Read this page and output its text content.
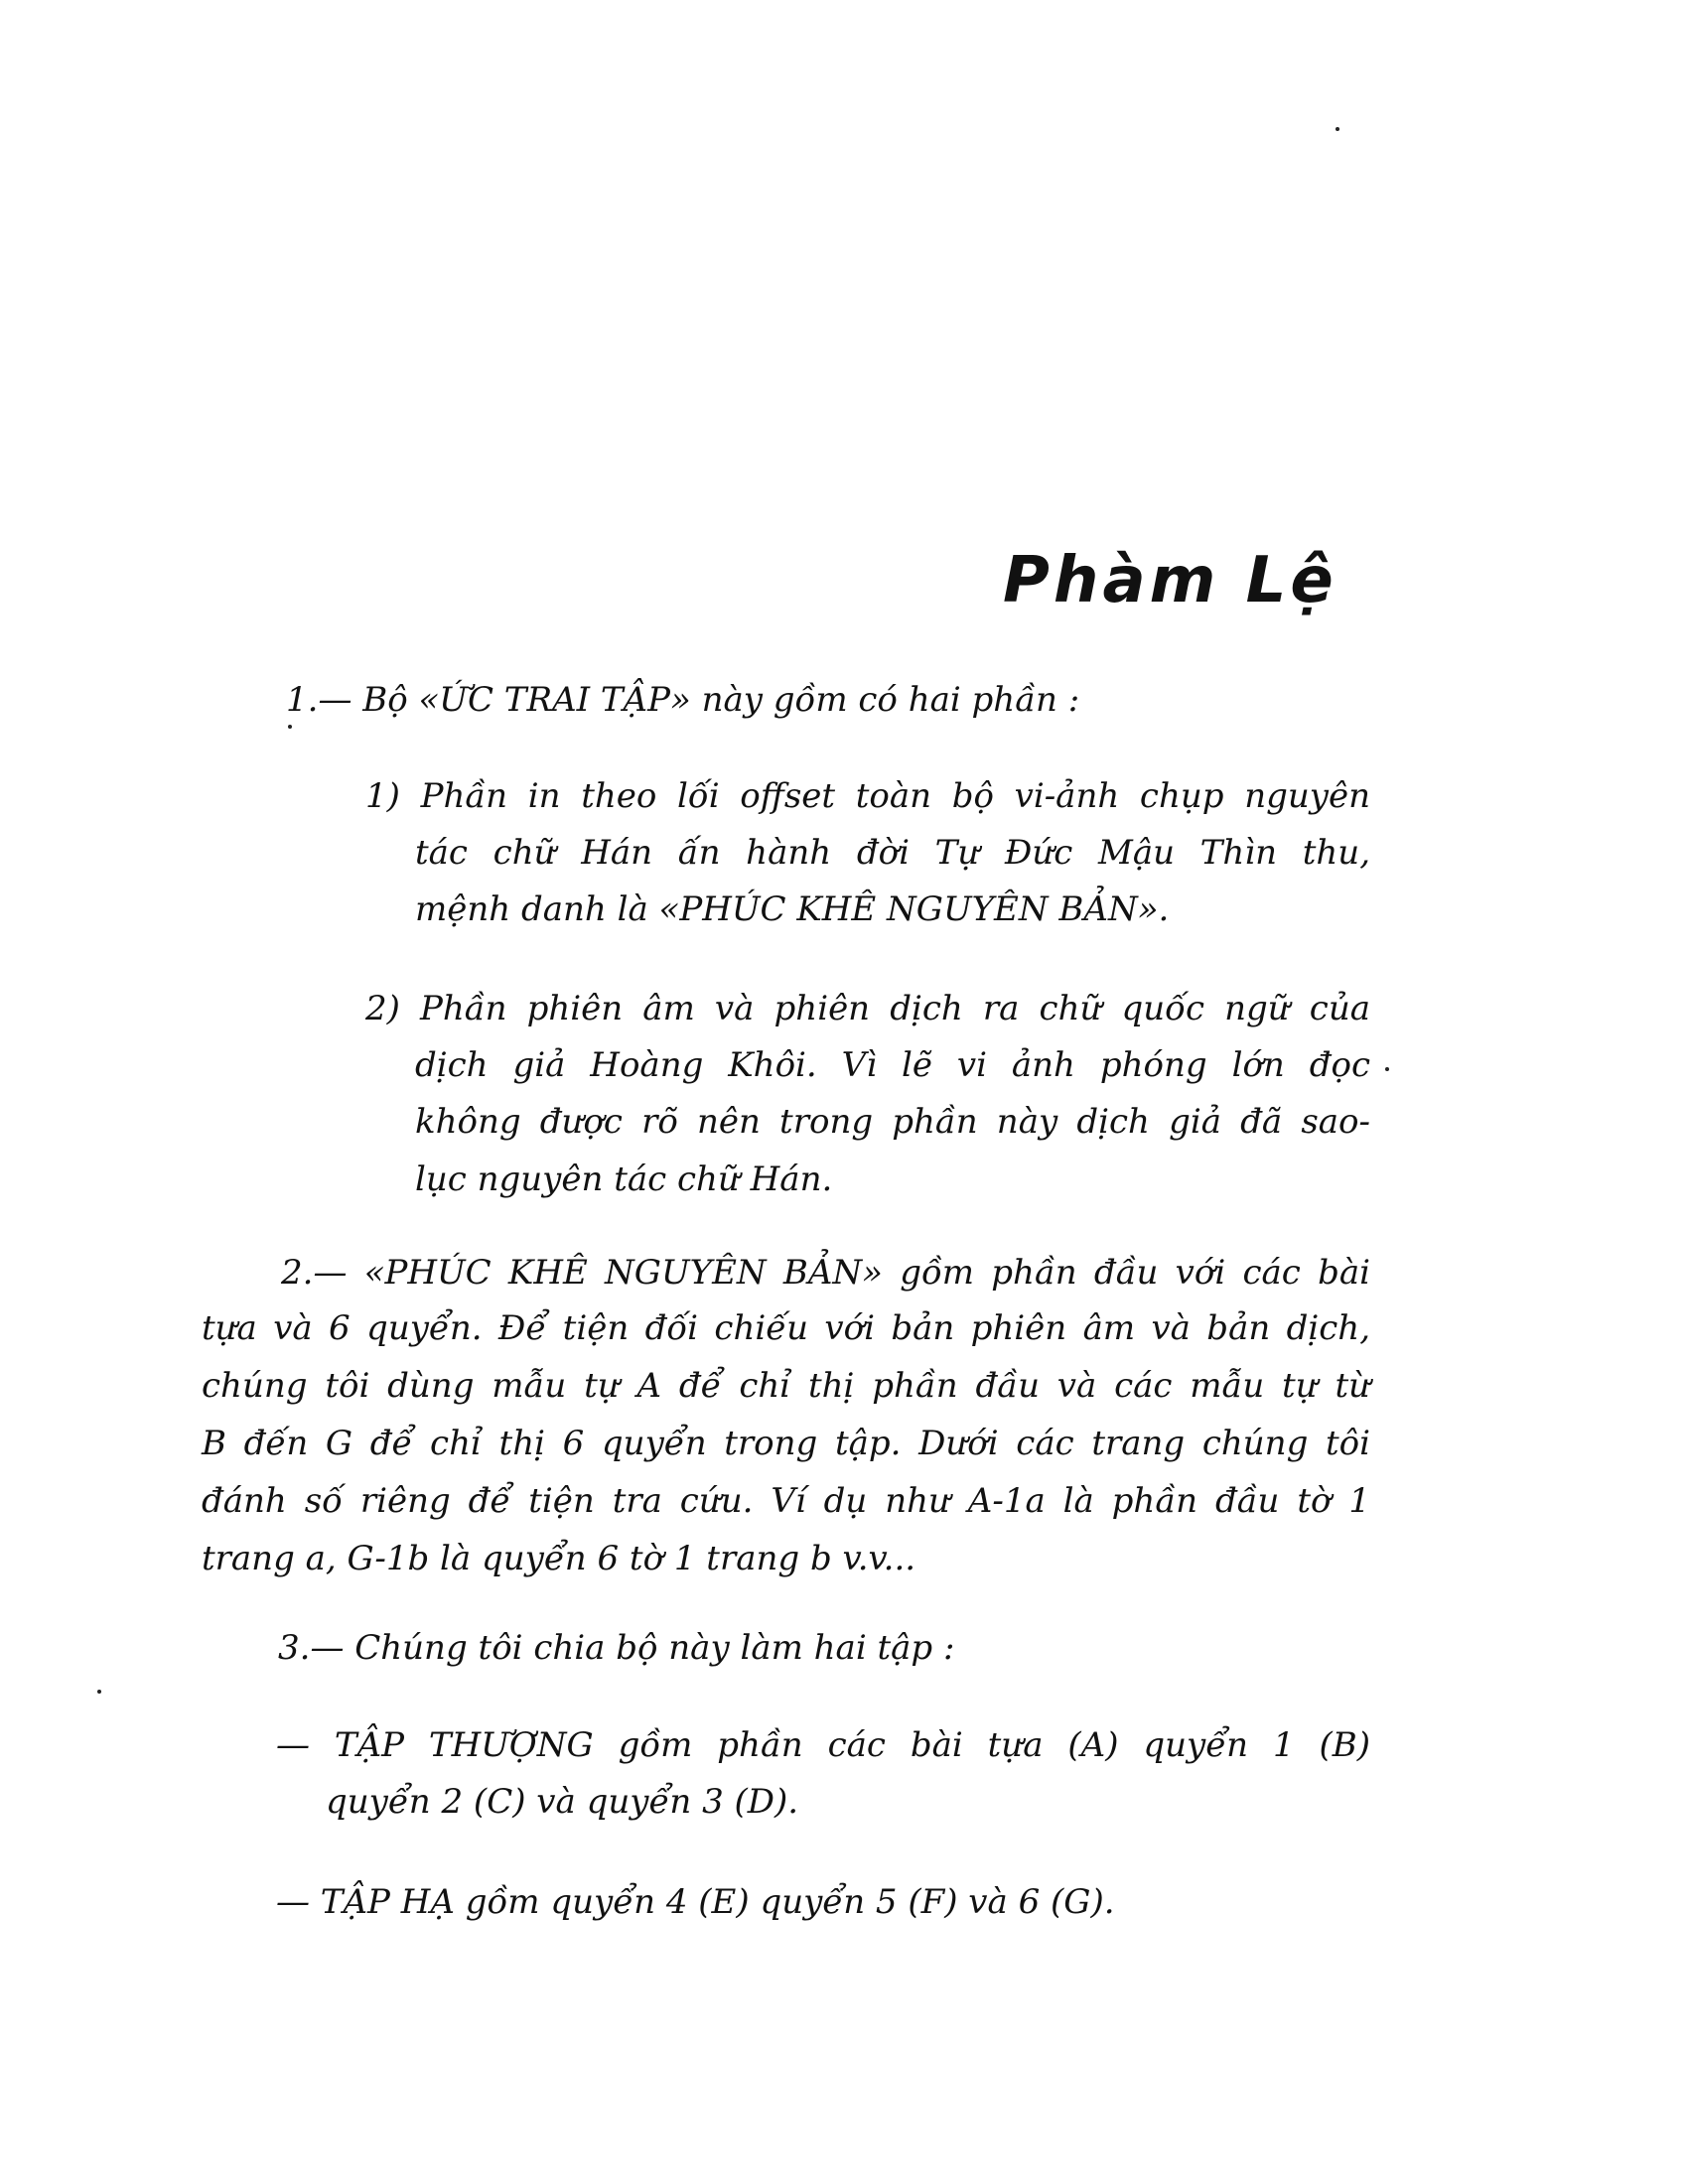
Phàm Lệ

1.— Bộ «ỨC TRAI TẬP» này gồm có hai phần :

1) Phần in theo lối offset toàn bộ vi-ảnh chụp nguyên

tác chữ Hán ấn hành đời Tự Đức Mậu Thìn thu,

mệnh danh là «PHÚC KHÊ NGUYÊN BẢN».

2) Phần phiên âm và phiên dịch ra chữ quốc ngữ của

dịch giả Hoàng Khôi. Vì lẽ vi ảnh phóng lớn đọc

không được rõ nên trong phần này dịch giả đã sao-

lục nguyên tác chữ Hán.

2.— «PHÚC KHÊ NGUYÊN BẢN» gồm phần đầu với các bài

tựa và 6 quyển. Để tiện đối chiếu với bản phiên âm và bản dịch,

chúng tôi dùng mẫu tự A để chỉ thị phần đầu và các mẫu tự từ

B đến G để chỉ thị 6 quyển trong tập. Dưới các trang chúng tôi

đánh số riêng để tiện tra cứu. Ví dụ như A-1a là phần đầu tờ 1

trang a, G-1b là quyển 6 tờ 1 trang b v.v...

3.— Chúng tôi chia bộ này làm hai tập :

— TẬP THƯỢNG gồm phần các bài tựa (A) quyển 1 (B)

quyển 2 (C) và quyển 3 (D).

— TẬP HẠ gồm quyển 4 (E) quyển 5 (F) và 6 (G).
